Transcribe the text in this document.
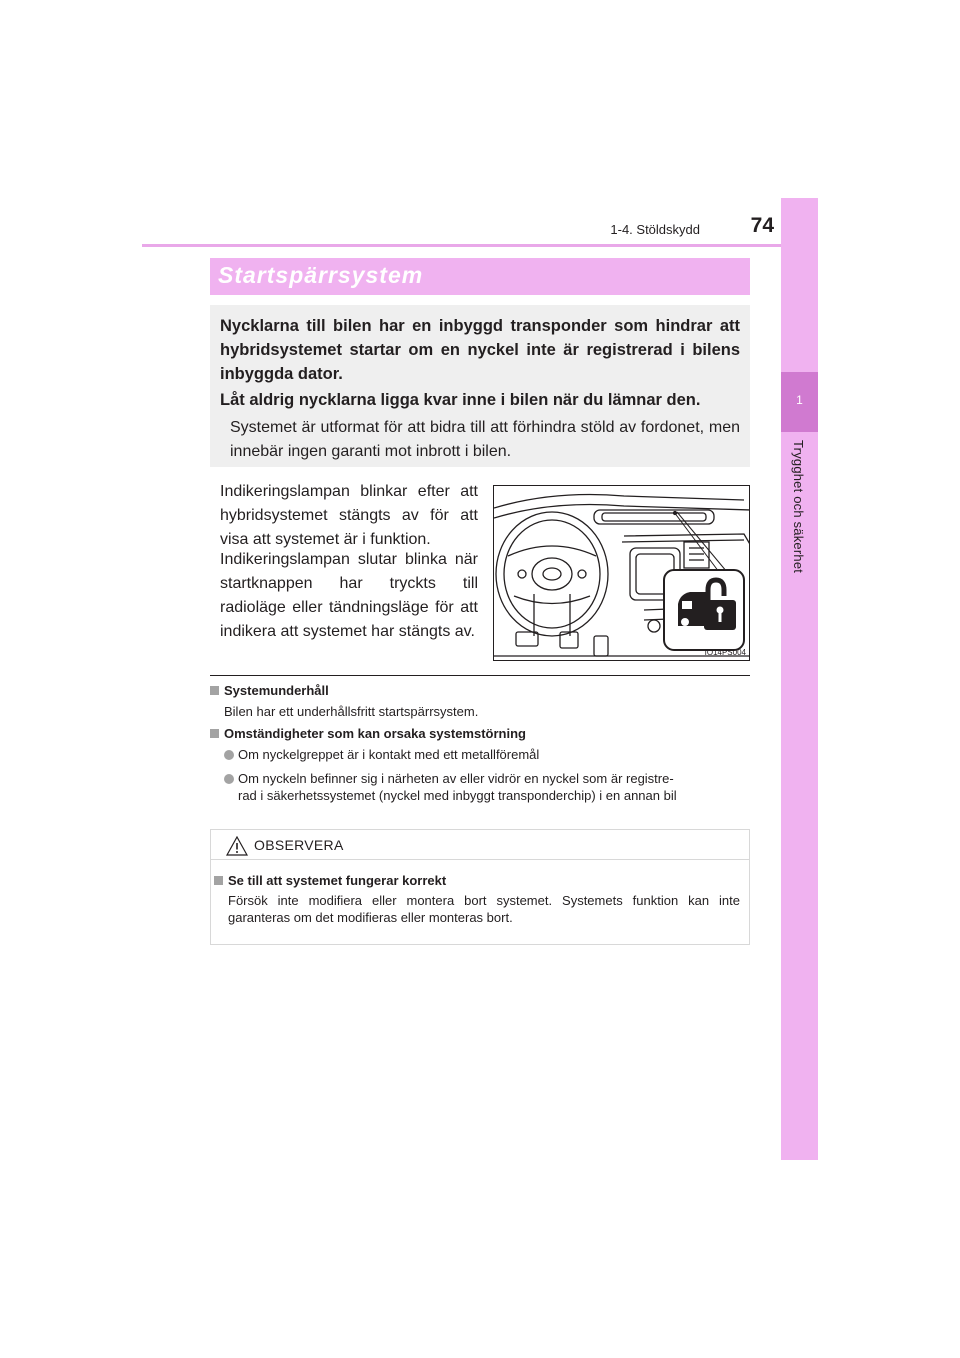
1-4. Stöldskydd	74
1
Trygghet och säkerhet
Startspärrsystem
Nycklarna till bilen har en inbyggd transponder som hindrar att hybridsystemet startar om en nyckel inte är registrerad i bilens inbyggda dator.
Låt aldrig nycklarna ligga kvar inne i bilen när du lämnar den.
Systemet är utformat för att bidra till att förhindra stöld av fordonet, men innebär ingen garanti mot inbrott i bilen.
Indikeringslampan blinkar efter att hybridsystemet stängts av för att visa att systemet är i funktion.
Indikeringslampan slutar blinka när startknappen har tryckts till radioläge eller tändningsläge för att indikera att systemet har stängts av.
IO14PS004
Systemunderhåll
Bilen har ett underhållsfritt startspärrsystem.
Omständigheter som kan orsaka systemstörning
Om nyckelgreppet är i kontakt med ett metallföremål
Om nyckeln befinner sig i närheten av eller vidrör en nyckel som är registre-
rad i säkerhetssystemet (nyckel med inbyggt transponderchip) i en annan bil
OBSERVERA
Se till att systemet fungerar korrekt
Försök inte modifiera eller montera bort systemet. Systemets funktion kan inte garanteras om det modifieras eller monteras bort.
